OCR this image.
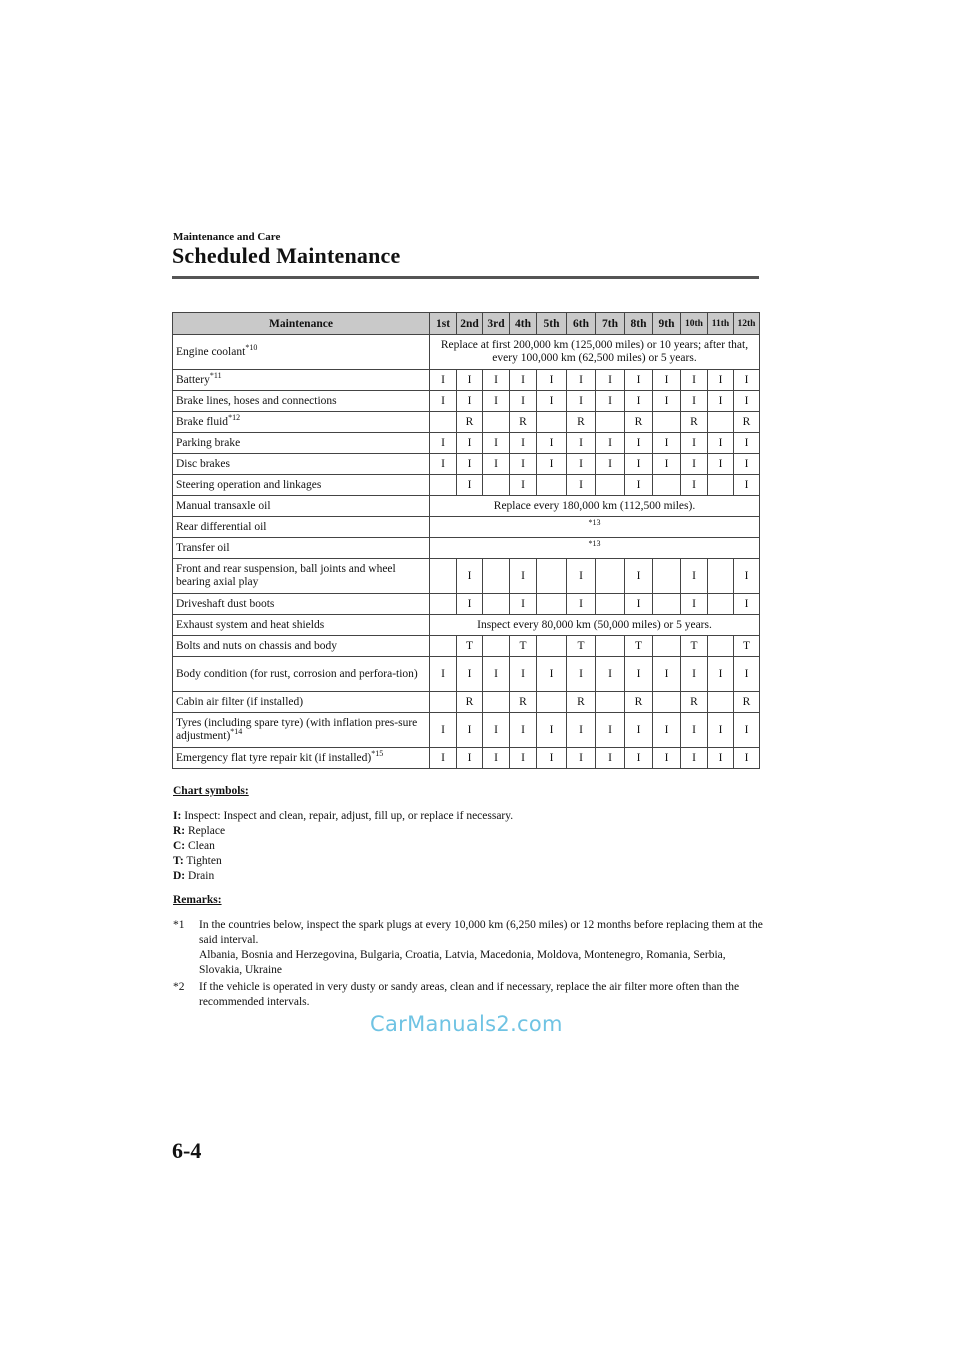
Maintenance and Care
Scheduled Maintenance
Maintenance	1st	2nd	3rd	4th	5th	6th	7th	8th	9th	10th	11th	12th
Engine coolant$^{*10}$	Replace at first 200,000 km (125,000 miles) or 10 years; after that, every 100,000 km (62,500 miles) or 5 years.											
Battery$^{*11}$	I	I	I	I	I	I	I	I	I	I	I	I
Brake lines, hoses and connections	I	I	I	I	I	I	I	I	I	I	I	I
Brake fluid$^{*12}$		R		R		R		R		R		R
Parking brake	I	I	I	I	I	I	I	I	I	I	I	I
Disc brakes	I	I	I	I	I	I	I	I	I	I	I	I
Steering operation and linkages		I		I		I		I		I		I
Manual transaxle oil	Replace every 180,000 km (112,500 miles).											
Rear differential oil	$^{*13}$
Transfer oil	$^{*13}$
Front and rear suspension, ball joints and wheel bearing axial play		I		I		I		I		I		I
Driveshaft dust boots		I		I		I		I		I		I
Exhaust system and heat shields	Inspect every 80,000 km (50,000 miles) or 5 years.											
Bolts and nuts on chassis and body		T		T		T		T		T		T
Body condition (for rust, corrosion and perfora-tion)	I	I	I	I	I	I	I	I	I	I	I	I
Cabin air filter (if installed)		R		R		R		R		R		R
Tyres (including spare tyre) (with inflation pres-sure adjustment)$^{*14}$	I	I	I	I	I	I	I	I	I	I	I	I
Emergency flat tyre repair kit (if installed)$^{*15}$	I	I	I	I	I	I	I	I	I	I	I	I
Chart symbols:
I: Inspect: Inspect and clean, repair, adjust, fill up, or replace if necessary.
R: Replace
C: Clean
T: Tighten
D: Drain
Remarks:
*1 In the countries below, inspect the spark plugs at every 10,000 km (6,250 miles) or 12 months before replacing them at the said interval.
Albania, Bosnia and Herzegovina, Bulgaria, Croatia, Latvia, Macedonia, Moldova, Montenegro, Romania, Serbia, Slovakia, Ukraine
*2 If the vehicle is operated in very dusty or sandy areas, clean and if necessary, replace the air filter more often than the recommended intervals.
CarManuals2.com
6-4
